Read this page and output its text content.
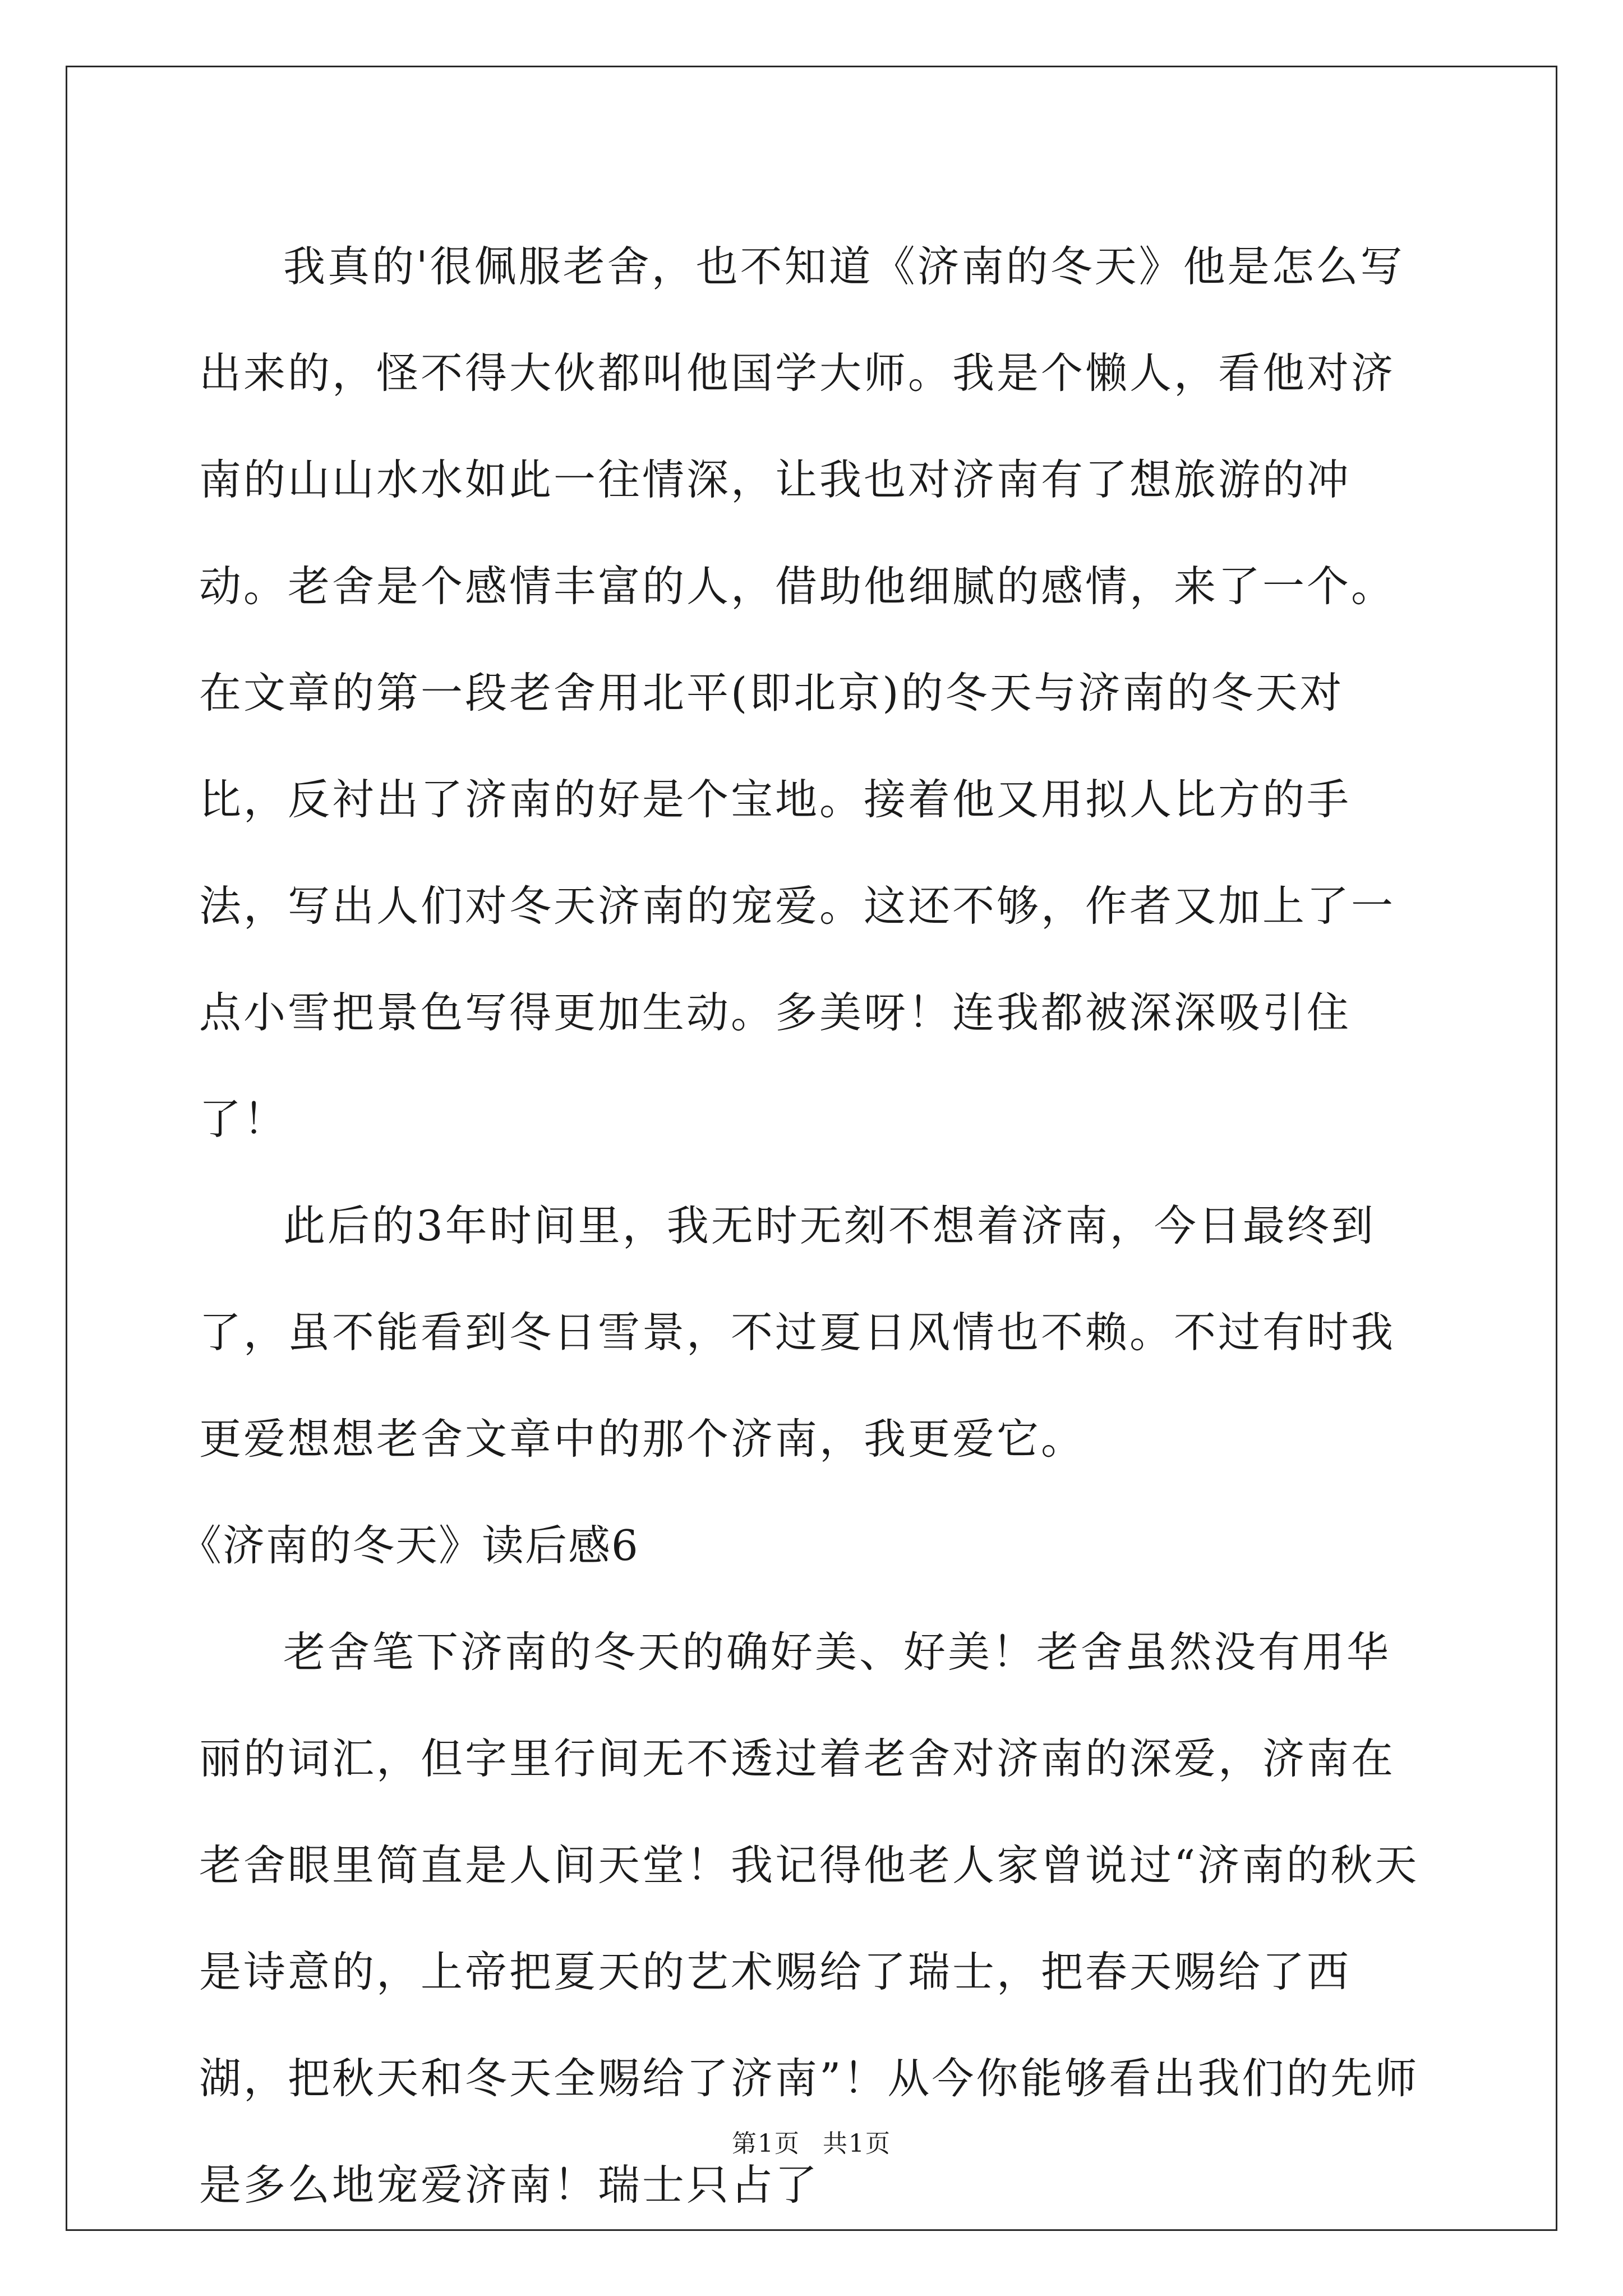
我真的'很佩服老舍，也不知道《济南的冬天》他是怎么写出来的，怪不得大伙都叫他国学大师。我是个懒人，看他对济南的山山水水如此一往情深，让我也对济南有了想旅游的冲动。老舍是个感情丰富的人，借助他细腻的感情，来了一个。在文章的第一段老舍用北平(即北京)的冬天与济南的冬天对比，反衬出了济南的好是个宝地。接着他又用拟人比方的手法，写出人们对冬天济南的宠爱。这还不够，作者又加上了一点小雪把景色写得更加生动。多美呀！连我都被深深吸引住了！

此后的3年时间里，我无时无刻不想着济南，今日最终到了，虽不能看到冬日雪景，不过夏日风情也不赖。不过有时我更爱想想老舍文章中的那个济南，我更爱它。

《济南的冬天》读后感6

老舍笔下济南的冬天的确好美、好美！老舍虽然没有用华丽的词汇，但字里行间无不透过着老舍对济南的深爱，济南在老舍眼里简直是人间天堂！我记得他老人家曾说过“济南的秋天是诗意的，上帝把夏天的艺术赐给了瑞士，把春天赐给了西湖，把秋天和冬天全赐给了济南”！从今你能够看出我们的先师是多么地宠爱济南！瑞士只占了

第1页 共1页
